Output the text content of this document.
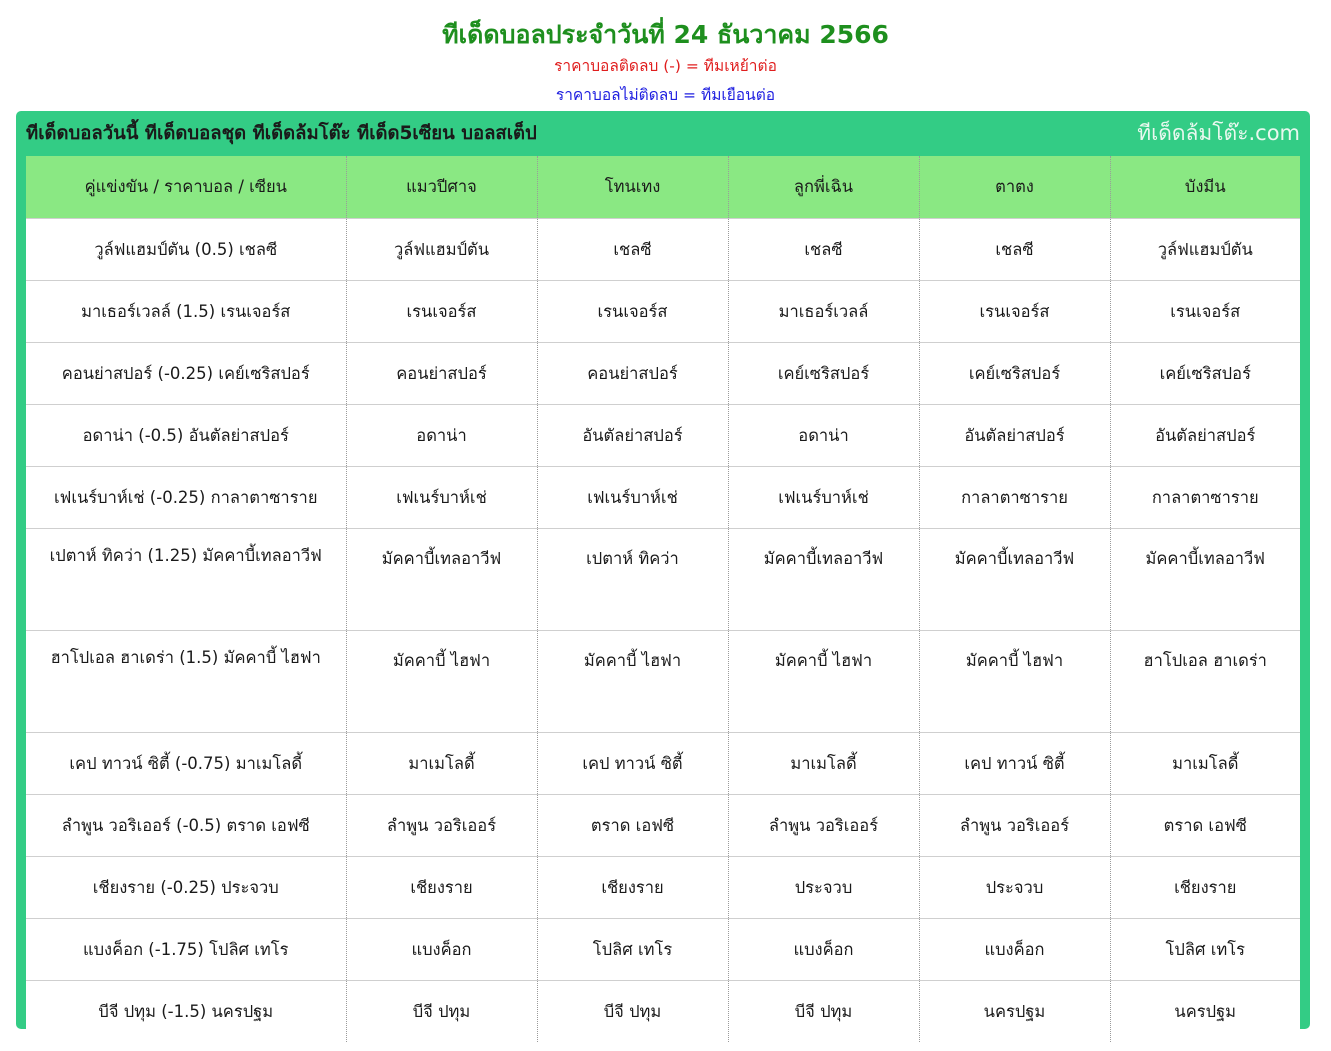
ทีเด็ดบอลประจำวันที่ 24 ธันวาคม 2566
ราคาบอลติดลบ (-) = ทีมเหย้าต่อ
ราคาบอลไม่ติดลบ = ทีมเยือนต่อ
ทีเด็ดบอลวันนี้ ทีเด็ดบอลชุด ทีเด็ดล้มโต๊ะ ทีเด็ด5เซียน บอลสเต็ป	ทีเด็ดล้มโต๊ะ.com
คู่แข่งขัน / ราคาบอล / เซียน	แมวปีศาจ	โทนเทง	ลูกพี่เฉิน	ตาตง	บังมีน
วูล์ฟแฮมป์ตัน (0.5) เชลซี	วูล์ฟแฮมป์ตัน	เชลซี	เชลซี	เชลซี	วูล์ฟแฮมป์ตัน
มาเธอร์เวลล์ (1.5) เรนเจอร์ส	เรนเจอร์ส	เรนเจอร์ส	มาเธอร์เวลล์	เรนเจอร์ส	เรนเจอร์ส
คอนย่าสปอร์ (-0.25) เคย์เซริสปอร์	คอนย่าสปอร์	คอนย่าสปอร์	เคย์เซริสปอร์	เคย์เซริสปอร์	เคย์เซริสปอร์
อดาน่า (-0.5) อันตัลย่าสปอร์	อดาน่า	อันตัลย่าสปอร์	อดาน่า	อันตัลย่าสปอร์	อันตัลย่าสปอร์
เฟเนร์บาห์เช่ (-0.25) กาลาตาซาราย	เฟเนร์บาห์เช่	เฟเนร์บาห์เช่	เฟเนร์บาห์เช่	กาลาตาซาราย	กาลาตาซาราย
เปตาห์ ทิคว่า (1.25) มัคคาบี้เทลอาวีฟ	มัคคาบี้เทลอาวีฟ	เปตาห์ ทิคว่า	มัคคาบี้เทลอาวีฟ	มัคคาบี้เทลอาวีฟ	มัคคาบี้เทลอาวีฟ
ฮาโปเอล ฮาเดร่า (1.5) มัคคาบี้ ไฮฟา	มัคคาบี้ ไฮฟา	มัคคาบี้ ไฮฟา	มัคคาบี้ ไฮฟา	มัคคาบี้ ไฮฟา	ฮาโปเอล ฮาเดร่า
เคป ทาวน์ ซิตี้ (-0.75) มาเมโลดี้	มาเมโลดี้	เคป ทาวน์ ซิตี้	มาเมโลดี้	เคป ทาวน์ ซิตี้	มาเมโลดี้
ลำพูน วอริเออร์ (-0.5) ตราด เอฟซี	ลำพูน วอริเออร์	ตราด เอฟซี	ลำพูน วอริเออร์	ลำพูน วอริเออร์	ตราด เอฟซี
เชียงราย (-0.25) ประจวบ	เชียงราย	เชียงราย	ประจวบ	ประจวบ	เชียงราย
แบงค็อก (-1.75) โปลิศ เทโร	แบงค็อก	โปลิศ เทโร	แบงค็อก	แบงค็อก	โปลิศ เทโร
บีจี ปทุม (-1.5) นครปฐม	บีจี ปทุม	บีจี ปทุม	บีจี ปทุม	นครปฐม	นครปฐม
